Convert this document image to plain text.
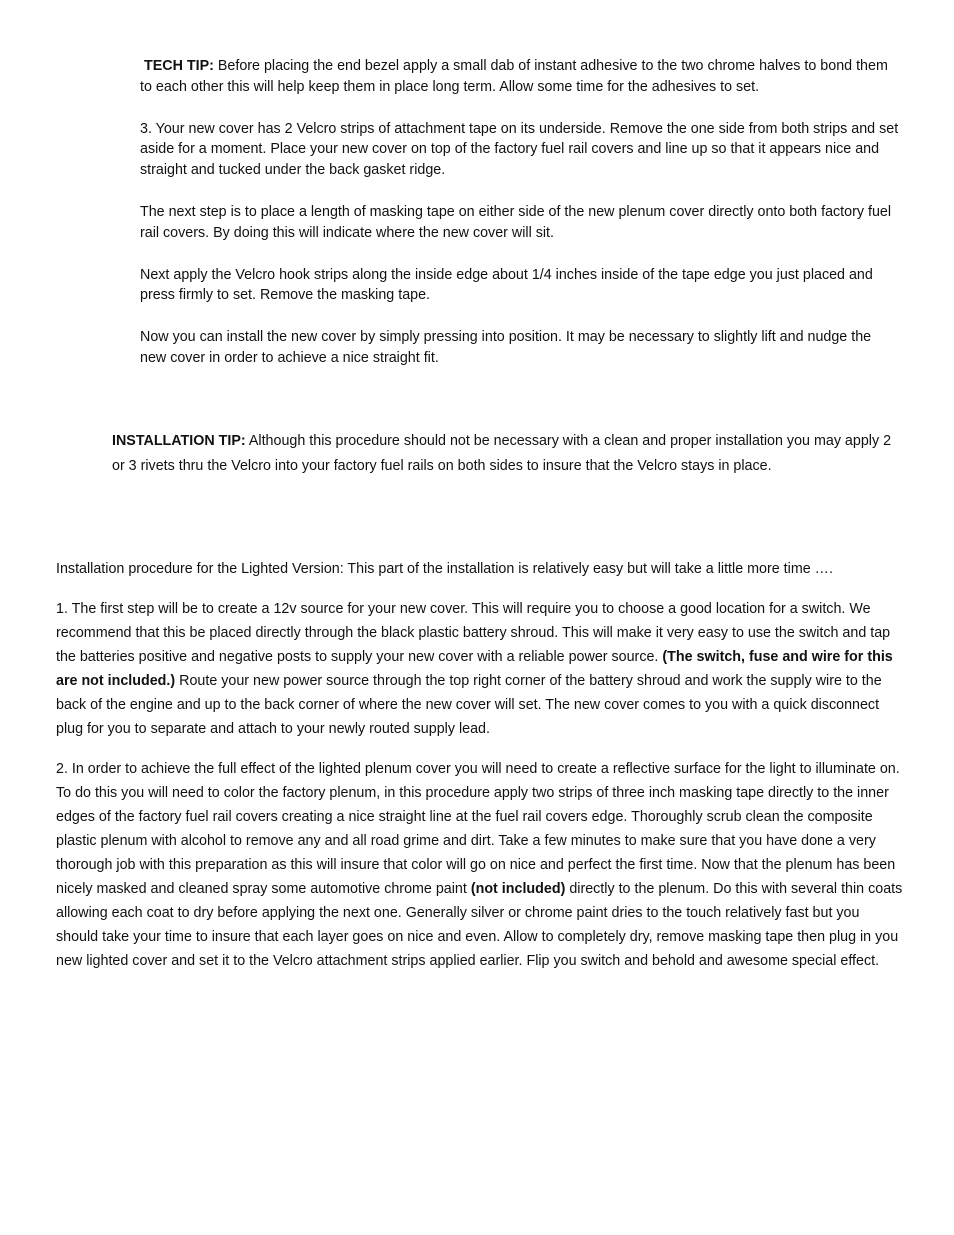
TECH TIP: Before placing the end bezel apply a small dab of instant adhesive to the two chrome halves to bond them to each other this will help keep them in place long term. Allow some time for the adhesives to set.

3. Your new cover has 2 Velcro strips of attachment tape on its underside. Remove the one side from both strips and set aside for a moment. Place your new cover on top of the factory fuel rail covers and line up so that it appears nice and straight and tucked under the back gasket ridge.

The next step is to place a length of masking tape on either side of the new plenum cover directly onto both factory fuel rail covers. By doing this will indicate where the new cover will sit.

Next apply the Velcro hook strips along the inside edge about 1/4 inches inside of the tape edge you just placed and press firmly to set. Remove the masking tape.

Now you can install the new cover by simply pressing into position. It may be necessary to slightly lift and nudge the new cover in order to achieve a nice straight fit.

INSTALLATION TIP: Although this procedure should not be necessary with a clean and proper installation you may apply 2 or 3 rivets thru the Velcro into your factory fuel rails on both sides to insure that the Velcro stays in place.

Installation procedure for the Lighted Version: This part of the installation is relatively easy but will take a little more time ….

1. The first step will be to create a 12v source for your new cover. This will require you to choose a good location for a switch. We recommend that this be placed directly through the black plastic battery shroud. This will make it very easy to use the switch and tap the batteries positive and negative posts to supply your new cover with a reliable power source. (The switch, fuse and wire for this are not included.) Route your new power source through the top right corner of the battery shroud and work the supply wire to the back of the engine and up to the back corner of where the new cover will set. The new cover comes to you with a quick disconnect plug for you to separate and attach to your newly routed supply lead.

2. In order to achieve the full effect of the lighted plenum cover you will need to create a reflective surface for the light to illuminate on. To do this you will need to color the factory plenum, in this procedure apply two strips of three inch masking tape directly to the inner edges of the factory fuel rail covers creating a nice straight line at the fuel rail covers edge. Thoroughly scrub clean the composite plastic plenum with alcohol to remove any and all road grime and dirt. Take a few minutes to make sure that you have done a very thorough job with this preparation as this will insure that color will go on nice and perfect the first time. Now that the plenum has been nicely masked and cleaned spray some automotive chrome paint (not included) directly to the plenum. Do this with several thin coats allowing each coat to dry before applying the next one. Generally silver or chrome paint dries to the touch relatively fast but you should take your time to insure that each layer goes on nice and even. Allow to completely dry, remove masking tape then plug in you new lighted cover and set it to the Velcro attachment strips applied earlier. Flip you switch and behold and awesome special effect.
